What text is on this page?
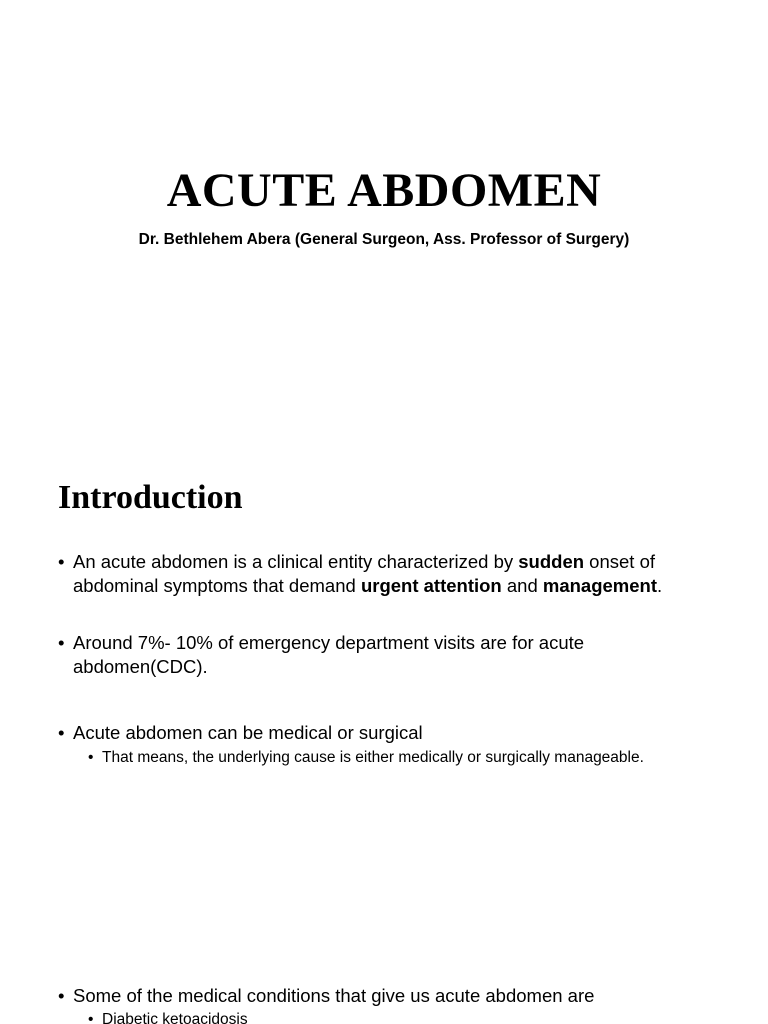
ACUTE ABDOMEN
Dr. Bethlehem Abera (General Surgeon, Ass. Professor of Surgery)
Introduction
• An acute abdomen is a clinical entity characterized by sudden onset of abdominal symptoms that demand urgent attention and management.
• Around 7%- 10% of emergency department visits are for acute abdomen(CDC).
• Acute abdomen can be medical or surgical
• That means, the underlying cause is either medically or surgically manageable.
• Some of the medical conditions that give us acute abdomen are
• Diabetic ketoacidosis
